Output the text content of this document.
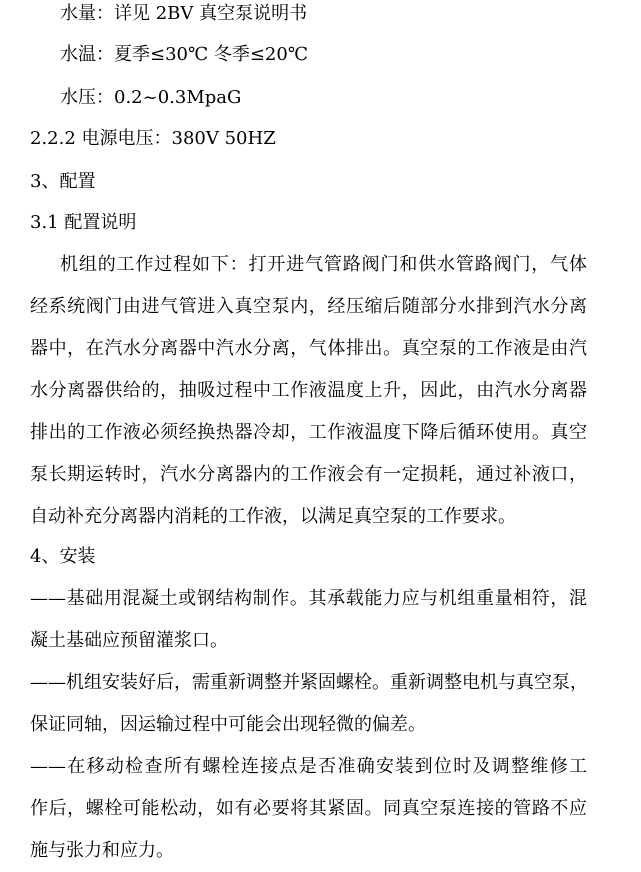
水量：详见 2BV 真空泵说明书

水温：夏季≤30℃ 冬季≤20℃

水压：0.2~0.3MpaG

2.2.2 电源电压：380V 50HZ

3、配置

3.1 配置说明

机组的工作过程如下：打开进气管路阀门和供水管路阀门，气体

经系统阀门由进气管进入真空泵内，经压缩后随部分水排到汽水分离

器中，在汽水分离器中汽水分离，气体排出。真空泵的工作液是由汽

水分离器供给的，抽吸过程中工作液温度上升，因此，由汽水分离器

排出的工作液必须经换热器冷却，工作液温度下降后循环使用。真空

泵长期运转时，汽水分离器内的工作液会有一定损耗，通过补液口，

自动补充分离器内消耗的工作液，以满足真空泵的工作要求。

4、安装

——基础用混凝土或钢结构制作。其承载能力应与机组重量相符，混

凝土基础应预留灌浆口。

——机组安装好后，需重新调整并紧固螺栓。重新调整电机与真空泵，

保证同轴，因运输过程中可能会出现轻微的偏差。

——在移动检查所有螺栓连接点是否准确安装到位时及调整维修工

作后，螺栓可能松动，如有必要将其紧固。同真空泵连接的管路不应

施与张力和应力。
